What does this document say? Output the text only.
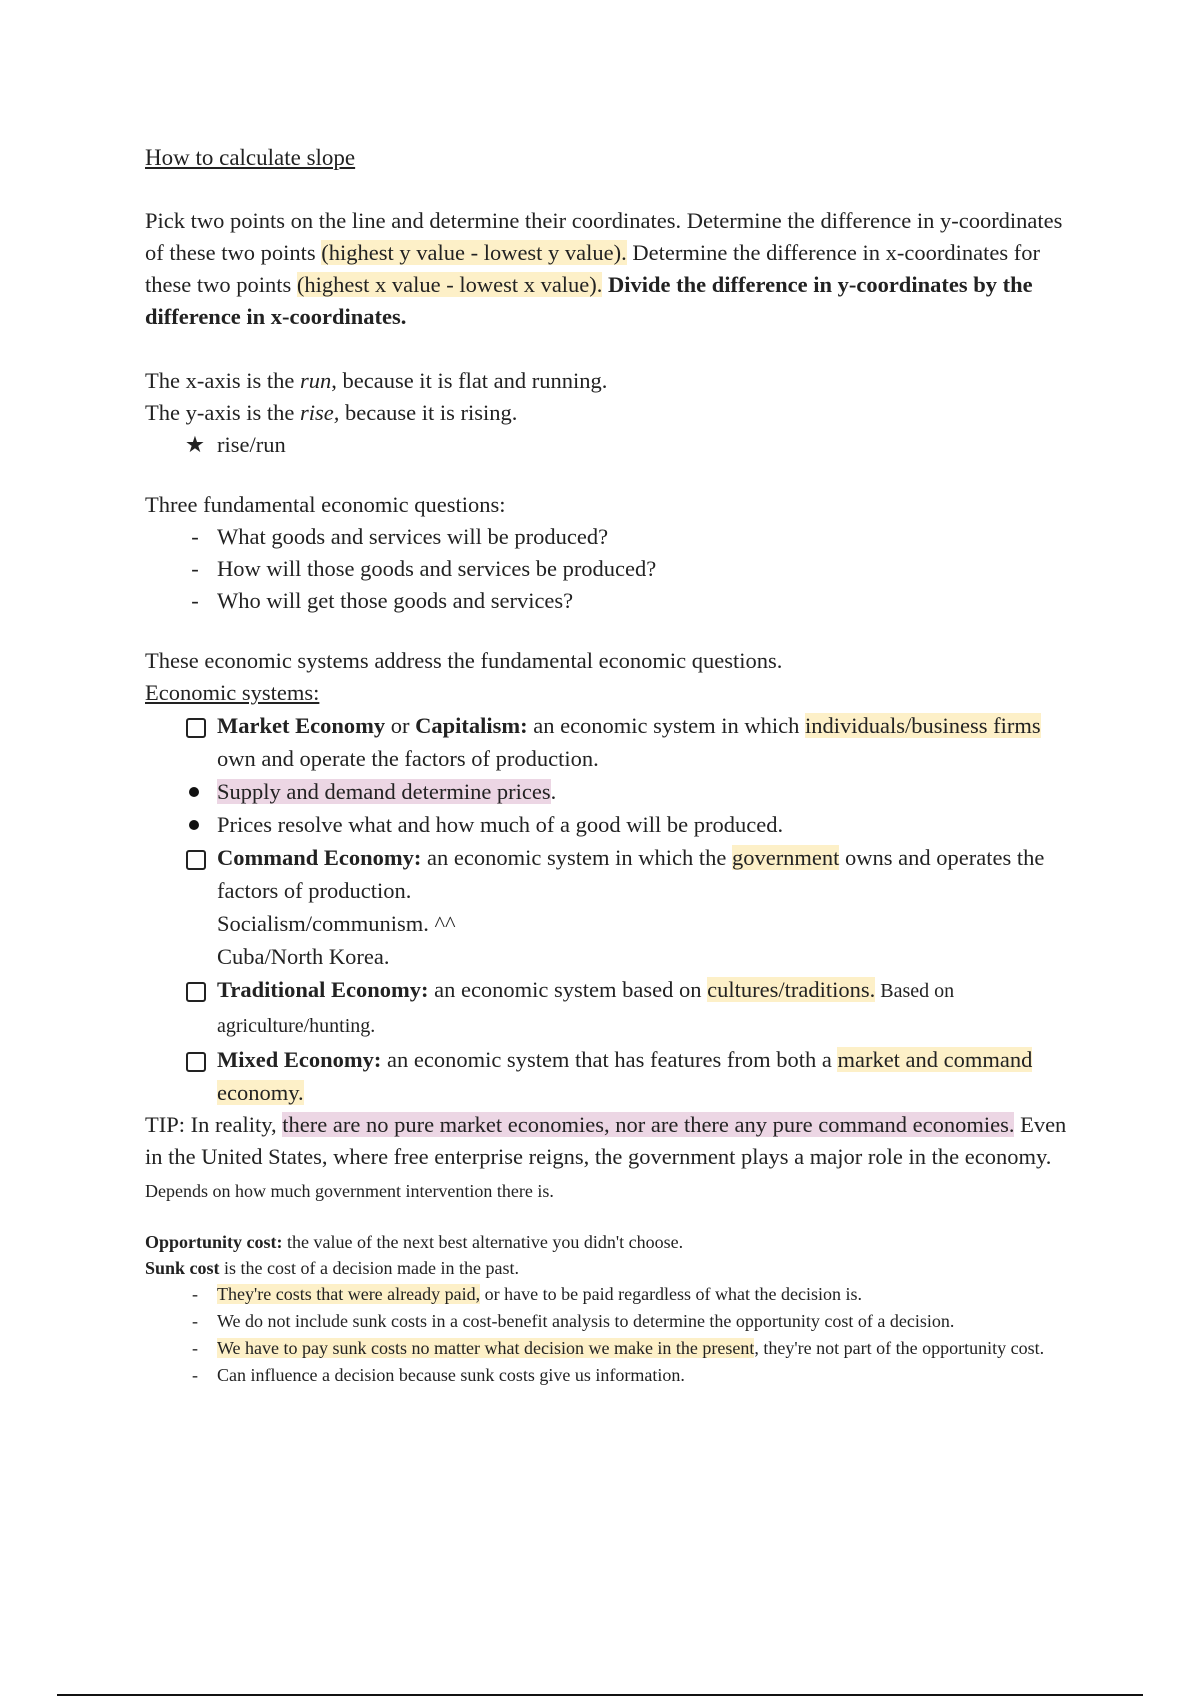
How to calculate slope

Pick two points on the line and determine their coordinates. Determine the difference in y-coordinates of these two points (highest y value - lowest y value). Determine the difference in x-coordinates for these two points (highest x value - lowest x value). Divide the difference in y-coordinates by the difference in x-coordinates.

The x-axis is the run, because it is flat and running.

The y-axis is the rise, because it is rising.

★ rise/run

Three fundamental economic questions:

- What goods and services will be produced?
- How will those goods and services be produced?
- Who will get those goods and services?

These economic systems address the fundamental economic questions.

Economic systems:

Market Economy or Capitalism: an economic system in which individuals/business firms own and operate the factors of production.
Supply and demand determine prices.
Prices resolve what and how much of a good will be produced.
Command Economy: an economic system in which the government owns and operates the factors of production.
Socialism/communism. ^^
Cuba/North Korea.
Traditional Economy: an economic system based on cultures/traditions. Based on agriculture/hunting.
Mixed Economy: an economic system that has features from both a market and command economy.

TIP: In reality, there are no pure market economies, nor are there any pure command economies. Even in the United States, where free enterprise reigns, the government plays a major role in the economy. Depends on how much government intervention there is.

Opportunity cost: the value of the next best alternative you didn't choose.

Sunk cost is the cost of a decision made in the past.

-	They're costs that were already paid, or have to be paid regardless of what the decision is.
-	We do not include sunk costs in a cost-benefit analysis to determine the opportunity cost of a decision.
-	We have to pay sunk costs no matter what decision we make in the present, they're not part of the opportunity cost.
-	Can influence a decision because sunk costs give us information.
